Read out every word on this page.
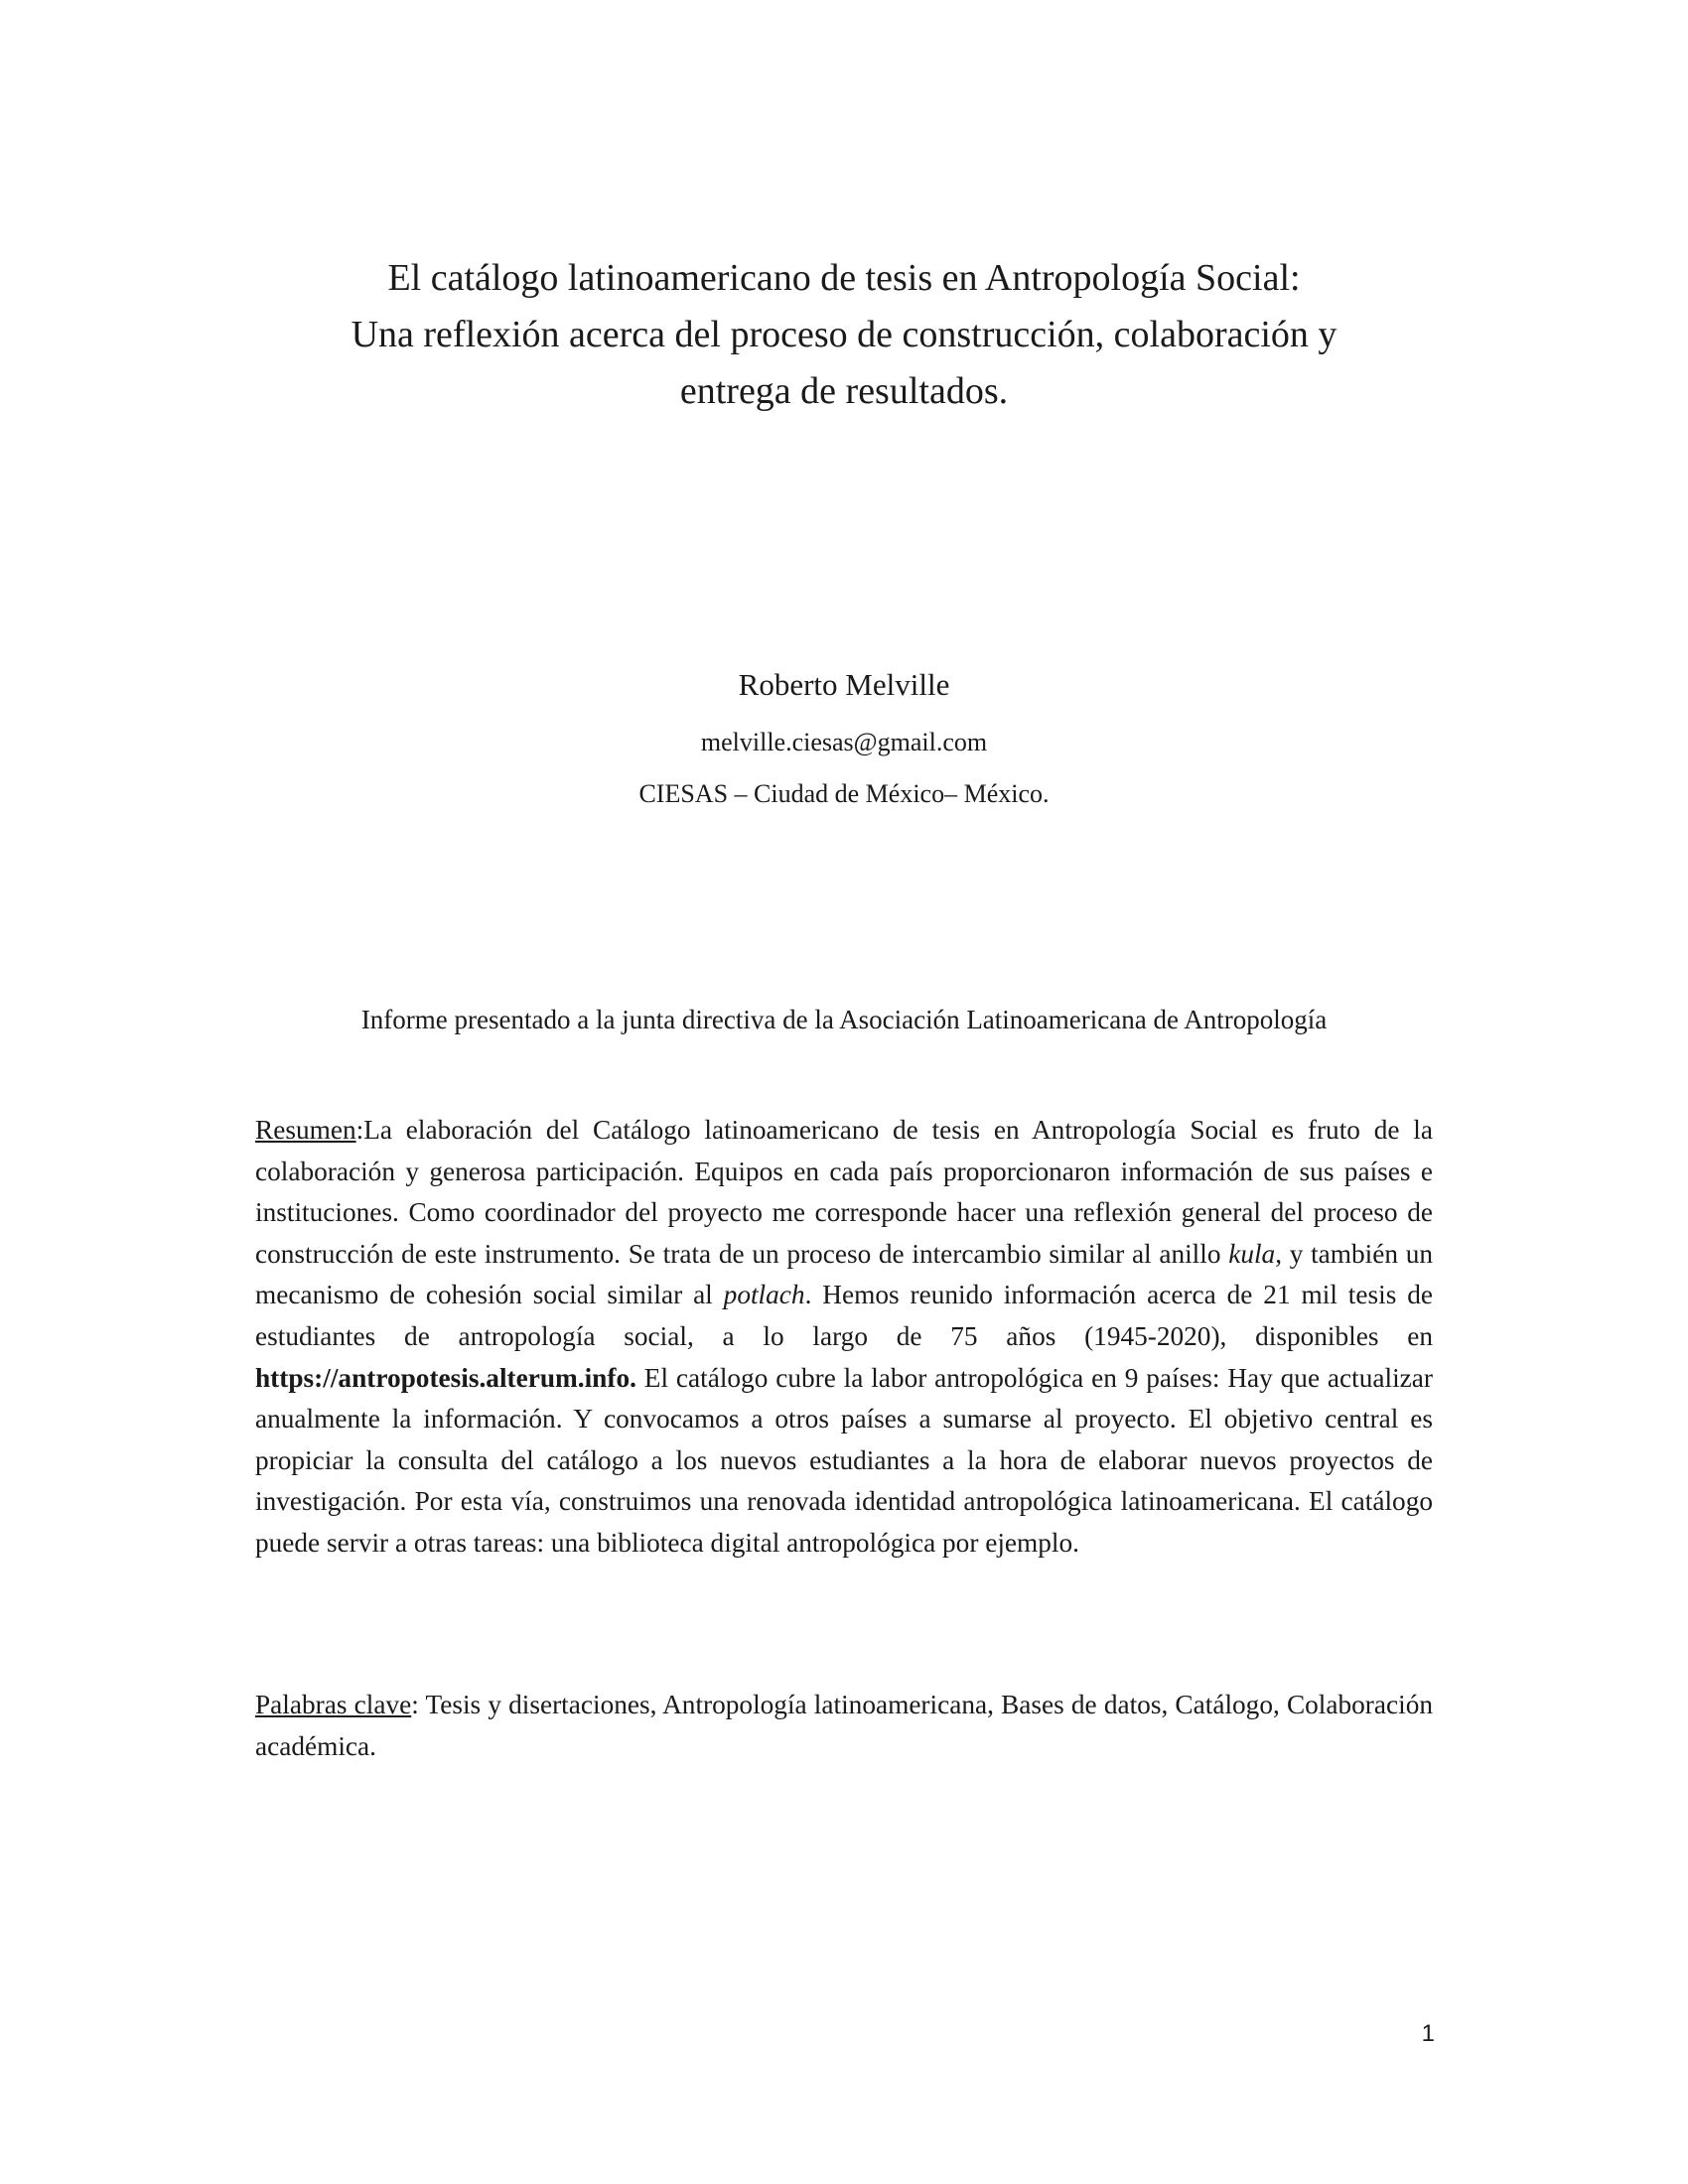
El catálogo latinoamericano de tesis en Antropología Social:
Una reflexión acerca del proceso de construcción, colaboración y
entrega de resultados.
Roberto Melville
melville.ciesas@gmail.com
CIESAS – Ciudad de México– México.
Informe presentado a la junta directiva de la Asociación Latinoamericana de Antropología
Resumen:La elaboración del Catálogo latinoamericano de tesis en Antropología Social es fruto de la colaboración y generosa participación. Equipos en cada país proporcionaron información de sus países e instituciones. Como coordinador del proyecto me corresponde hacer una reflexión general del proceso de construcción de este instrumento. Se trata de un proceso de intercambio similar al anillo kula, y también un mecanismo de cohesión social similar al potlach. Hemos reunido información acerca de 21 mil tesis de estudiantes de antropología social, a lo largo de 75 años (1945-2020), disponibles en https://antropotesis.alterum.info. El catálogo cubre la labor antropológica en 9 países: Hay que actualizar anualmente la información. Y convocamos a otros países a sumarse al proyecto. El objetivo central es propiciar la consulta del catálogo a los nuevos estudiantes a la hora de elaborar nuevos proyectos de investigación. Por esta vía, construimos una renovada identidad antropológica latinoamericana. El catálogo puede servir a otras tareas: una biblioteca digital antropológica por ejemplo.
Palabras clave: Tesis y disertaciones, Antropología latinoamericana, Bases de datos, Catálogo, Colaboración académica.
1
